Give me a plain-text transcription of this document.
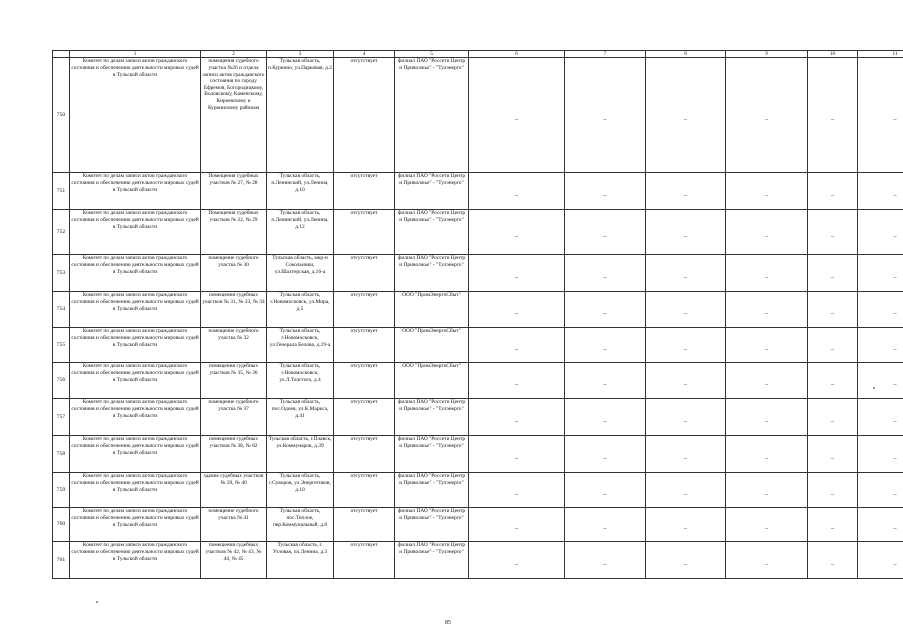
	1	2	3	4	5	6	7	8	9	10	11
750	Комитет по делам записи актов гражданского состояния и обеспечению деятельности мировых судей в Тульской области	помещения судебного участка №26 и отдела записи актов гражданского состояния по городу Ефремов, Богородицкому, Воловскому, Каменскому, Киреевскому и Куркинскому районам	Тульская область, п.Куркино, ул.Парковая, д.2	отсутствует	филиал ПАО "Россети Центр и Приволжье" - "Тулэнерго"	–	–	–	–	–	–
751	Комитет по делам записи актов гражданского состояния и обеспечению деятельности мировых судей в Тульской области	Помещения судебных участков № 27, № 28	Тульская область, п.Ленинский, ул.Ленина, д.10	отсутствует	филиал ПАО "Россети Центр и Приволжье" - "Тулэнерго"	–	–	–	–	–	–
752	Комитет по делам записи актов гражданского состояния и обеспечению деятельности мировых судей в Тульской области	Помещения судебных участков № 22, № 29	Тульская область, п.Ленинский, ул.Ленина, д.12	отсутствует	филиал ПАО "Россети Центр и Приволжье" - "Тулэнерго"	–	–	–	–	–	–
753	Комитет по делам записи актов гражданского состояния и обеспечению деятельности мировых судей в Тульской области	помещение судебного участка № 30	Тульская область, мкр-н Сокольники, ул.Шахтерская, д.16-а	отсутствует	филиал ПАО "Россети Центр и Приволжье" - "Тулэнерго"	–	–	–	–	–	–
754	Комитет по делам записи актов гражданского состояния и обеспечению деятельности мировых судей в Тульской области	помещения судебных участков № 31, № 33, № 34	Тульская область, г.Новомосковск, ул.Мира, д.5	отсутствует	ООО "ПромЭнергоСбыт"	–	–	–	–	–	–
755	Комитет по делам записи актов гражданского состояния и обеспечению деятельности мировых судей в Тульской области	помещение судебного участка № 32	Тульская область, г.Новомосковск, ул.Генерала Белова, д.19-а	отсутствует	ООО "ПромЭнергоСбыт"	–	–	–	–	–	–
756	Комитет по делам записи актов гражданского состояния и обеспечению деятельности мировых судей в Тульской области	помещения судебных участков № 35, № 36	Тульская область, г.Новомосковск, ул.Л.Толстого, д.4	отсутствует	ООО "ПромЭнергоСбыт"	–	–	–	–	–	–
757	Комитет по делам записи актов гражданского состояния и обеспечению деятельности мировых судей в Тульской области	помещение судебного участка № 37	Тульская область, пос.Одоев, ул.К.Маркса, д.41	отсутствует	филиал ПАО "Россети Центр и Приволжье" - "Тулэнерго"	–	–	–	–	–	–
758	Комитет по делам записи актов гражданского состояния и обеспечению деятельности мировых судей в Тульской области	помещения судебных участков № 38, № 82	Тульская область, г.Плавск, ул.Коммунаров, д.39	отсутствует	филиал ПАО "Россети Центр и Приволжье" - "Тулэнерго"	–	–	–	–	–	–
759	Комитет по делам записи актов гражданского состояния и обеспечению деятельности мировых судей в Тульской области	здание судебных участков № 39, № 40	Тульская область, г.Суворов, ул.Энергетиков, д.10	отсутствует	филиал ПАО "Россети Центр и Приволжье" - "Тулэнерго"	–	–	–	–	–	–
760	Комитет по делам записи актов гражданского состояния и обеспечению деятельности мировых судей в Тульской области	помещение судебного участка № 41	Тульская область, пос.Теплое, пер.Коммунальный, д.8	отсутствует	филиал ПАО "Россети Центр и Приволжье" - "Тулэнерго"	–	–	–	–	–	–
761	Комитет по делам записи актов гражданского состояния и обеспечению деятельности мировых судей в Тульской области	помещения судебных участков № 42, № 43, № 44, № 45	Тульская область, г. Узловая, пл.Ленина, д.3	отсутствует	филиал ПАО "Россети Центр и Приволжье" - "Тулэнерго"	–	–	–	–	–	–
85
